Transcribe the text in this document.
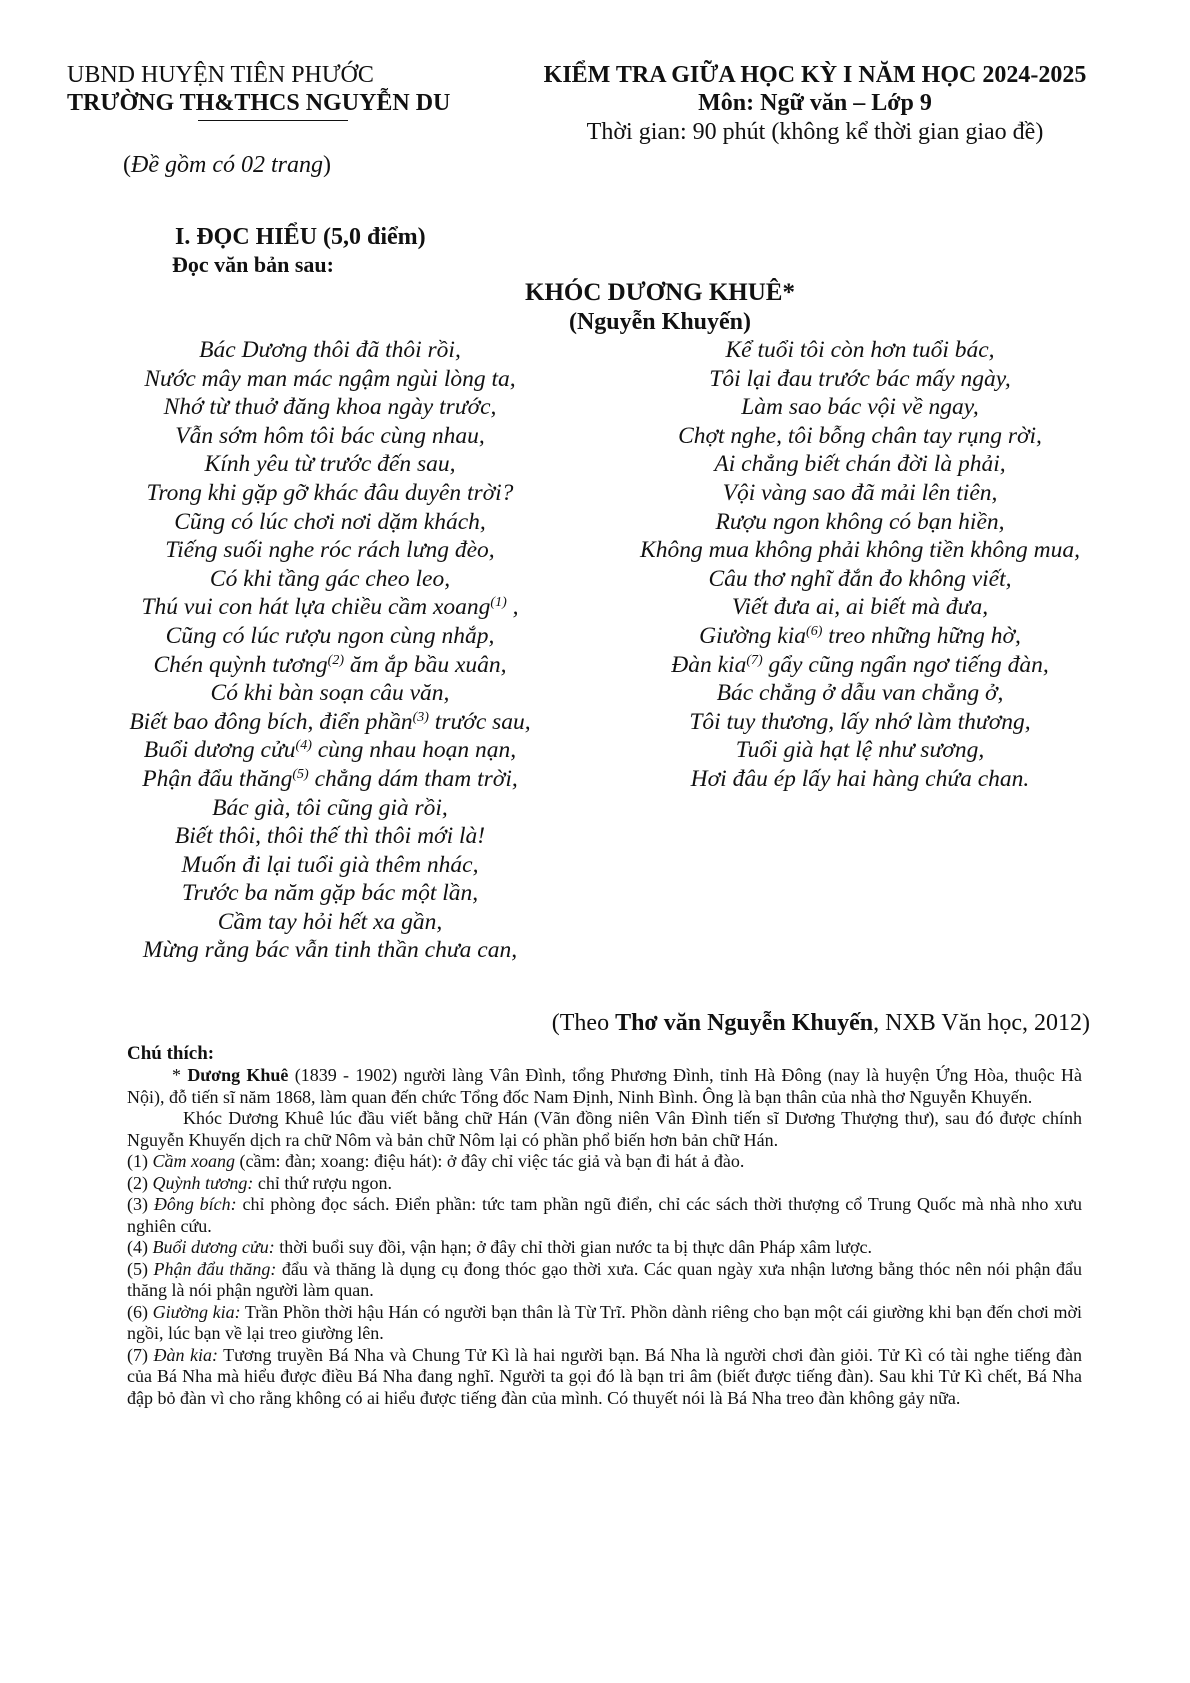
UBND HUYỆN TIÊN PHƯỚC
TRƯỜNG TH&THCS NGUYỄN DU
KIỂM TRA GIỮA HỌC KỲ I NĂM HỌC 2024-2025
Môn: Ngữ văn – Lớp 9
Thời gian: 90 phút (không kể thời gian giao đề)
(Đề gồm có 02 trang)
I. ĐỌC HIỂU (5,0 điểm)
Đọc văn bản sau:
KHÓC DƯƠNG KHUÊ*
(Nguyễn Khuyến)
Bác Dương thôi đã thôi rồi,
Nước mây man mác ngậm ngùi lòng ta,
Nhớ từ thuở đăng khoa ngày trước,
Vẫn sớm hôm tôi bác cùng nhau,
Kính yêu từ trước đến sau,
Trong khi gặp gỡ khác đâu duyên trời?
Cũng có lúc chơi nơi dặm khách,
Tiếng suối nghe róc rách lưng đèo,
Có khi tầng gác cheo leo,
Thú vui con hát lựa chiều cầm xoang$^{(1)}$ ,
Cũng có lúc rượu ngon cùng nhắp,
Chén quỳnh tương$^{(2)}$ ăm ắp bầu xuân,
Có khi bàn soạn câu văn,
Biết bao đông bích, điển phần$^{(3)}$ trước sau,
Buổi dương cửu$^{(4)}$ cùng nhau hoạn nạn,
Phận đẩu thăng$^{(5)}$ chẳng dám tham trời,
Bác già, tôi cũng già rồi,
Biết thôi, thôi thế thì thôi mới là!
Muốn đi lại tuổi già thêm nhác,
Trước ba năm gặp bác một lần,
Cầm tay hỏi hết xa gần,
Mừng rằng bác vẫn tinh thần chưa can,
Kể tuổi tôi còn hơn tuổi bác,
Tôi lại đau trước bác mấy ngày,
Làm sao bác vội về ngay,
Chợt nghe, tôi bỗng chân tay rụng rời,
Ai chẳng biết chán đời là phải,
Vội vàng sao đã mải lên tiên,
Rượu ngon không có bạn hiền,
Không mua không phải không tiền không mua,
Câu thơ nghĩ đắn đo không viết,
Viết đưa ai, ai biết mà đưa,
Giường kia$^{(6)}$ treo những hững hờ,
Đàn kia$^{(7)}$ gẩy cũng ngẩn ngơ tiếng đàn,
Bác chẳng ở dẫu van chẳng ở,
Tôi tuy thương, lấy nhớ làm thương,
Tuổi già hạt lệ như sương,
Hơi đâu ép lấy hai hàng chứa chan.
(Theo Thơ văn Nguyễn Khuyến, NXB Văn học, 2012)
Chú thích:

* Dương Khuê (1839 - 1902) người làng Vân Đình, tổng Phương Đình, tỉnh Hà Đông (nay là huyện Ứng Hòa, thuộc Hà Nội), đỗ tiến sĩ năm 1868, làm quan đến chức Tổng đốc Nam Định, Ninh Bình. Ông là bạn thân của nhà thơ Nguyễn Khuyến.

Khóc Dương Khuê lúc đầu viết bằng chữ Hán (Vãn đồng niên Vân Đình tiến sĩ Dương Thượng thư), sau đó được chính Nguyễn Khuyến dịch ra chữ Nôm và bản chữ Nôm lại có phần phổ biến hơn bản chữ Hán.

(1) Cầm xoang (cầm: đàn; xoang: điệu hát): ở đây chỉ việc tác giả và bạn đi hát ả đào.

(2) Quỳnh tương: chỉ thứ rượu ngon.

(3) Đông bích: chỉ phòng đọc sách. Điển phần: tức tam phần ngũ điển, chỉ các sách thời thượng cổ Trung Quốc mà nhà nho xưu nghiên cứu.

(4) Buổi dương cửu: thời buổi suy đồi, vận hạn; ở đây chỉ thời gian nước ta bị thực dân Pháp xâm lược.

(5) Phận đẩu thăng: đẩu và thăng là dụng cụ đong thóc gạo thời xưa. Các quan ngày xưa nhận lương bằng thóc nên nói phận đẩu thăng là nói phận người làm quan.

(6) Giường kia: Trần Phồn thời hậu Hán có người bạn thân là Từ Trĩ. Phồn dành riêng cho bạn một cái giường khi bạn đến chơi mời ngồi, lúc bạn về lại treo giường lên.

(7) Đàn kia: Tương truyền Bá Nha và Chung Tử Kì là hai người bạn. Bá Nha là người chơi đàn giỏi. Tử Kì có tài nghe tiếng đàn của Bá Nha mà hiểu được điều Bá Nha đang nghĩ. Người ta gọi đó là bạn tri âm (biết được tiếng đàn). Sau khi Tử Kì chết, Bá Nha đập bỏ đàn vì cho rằng không có ai hiểu được tiếng đàn của mình. Có thuyết nói là Bá Nha treo đàn không gảy nữa.
